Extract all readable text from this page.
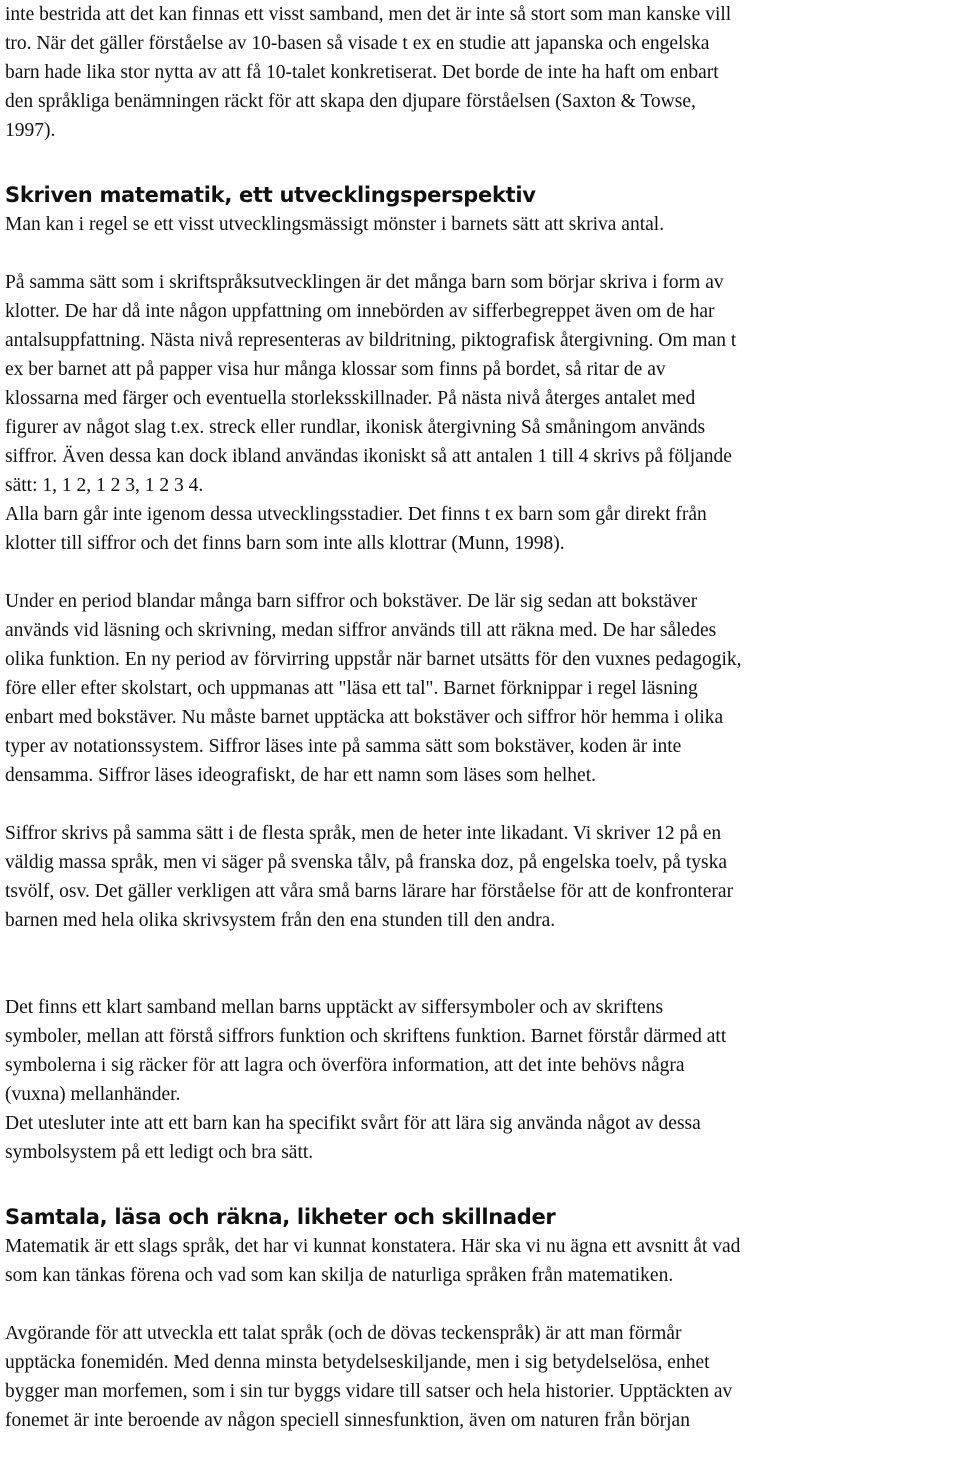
inte bestrida att det kan finnas ett visst samband, men det är inte så stort som man kanske vill
tro. När det gäller förståelse av 10-basen så visade t ex en studie att japanska och engelska
barn hade lika stor nytta av att få 10-talet konkretiserat. Det borde de inte ha haft om enbart
den språkliga benämningen räckt för att skapa den djupare förståelsen (Saxton & Towse,
1997).

Skriven matematik, ett utvecklingsperspektiv

Man kan i regel se ett visst utvecklingsmässigt mönster i barnets sätt att skriva antal.

På samma sätt som i skriftspråksutvecklingen är det många barn som börjar skriva i form av
klotter. De har då inte någon uppfattning om innebörden av sifferbegreppet även om de har
antalsuppfattning. Nästa nivå representeras av bildritning, piktografisk återgivning. Om man t
ex ber barnet att på papper visa hur många klossar som finns på bordet, så ritar de av
klossarna med färger och eventuella storleksskillnader. På nästa nivå återges antalet med
figurer av något slag t.ex. streck eller rundlar, ikonisk återgivning Så småningom används
siffror. Även dessa kan dock ibland användas ikoniskt så att antalen 1 till 4 skrivs på följande
sätt: 1, 1 2, 1 2 3, 1 2 3 4.
Alla barn går inte igenom dessa utvecklingsstadier. Det finns t ex barn som går direkt från
klotter till siffror och det finns barn som inte alls klottrar (Munn, 1998).

Under en period blandar många barn siffror och bokstäver. De lär sig sedan att bokstäver
används vid läsning och skrivning, medan siffror används till att räkna med. De har således
olika funktion. En ny period av förvirring uppstår när barnet utsätts för den vuxnes pedagogik,
före eller efter skolstart, och uppmanas att "läsa ett tal". Barnet förknippar i regel läsning
enbart med bokstäver. Nu måste barnet upptäcka att bokstäver och siffror hör hemma i olika
typer av notationssystem. Siffror läses inte på samma sätt som bokstäver, koden är inte
densamma. Siffror läses ideografiskt, de har ett namn som läses som helhet.

Siffror skrivs på samma sätt i de flesta språk, men de heter inte likadant. Vi skriver 12 på en
väldig massa språk, men vi säger på svenska tålv, på franska doz, på engelska toelv, på tyska
tsvölf, osv. Det gäller verkligen att våra små barns lärare har förståelse för att de konfronterar
barnen med hela olika skrivsystem från den ena stunden till den andra.

Det finns ett klart samband mellan barns upptäckt av siffersymboler och av skriftens
symboler, mellan att förstå siffrors funktion och skriftens funktion. Barnet förstår därmed att
symbolerna i sig räcker för att lagra och överföra information, att det inte behövs några
(vuxna) mellanhänder.
Det utesluter inte att ett barn kan ha specifikt svårt för att lära sig använda något av dessa
symbolsystem på ett ledigt och bra sätt.

Samtala, läsa och räkna, likheter och skillnader

Matematik är ett slags språk, det har vi kunnat konstatera. Här ska vi nu ägna ett avsnitt åt vad
som kan tänkas förena och vad som kan skilja de naturliga språken från matematiken.

Avgörande för att utveckla ett talat språk (och de dövas teckenspråk) är att man förmår
upptäcka fonemidén. Med denna minsta betydelseskiljande, men i sig betydelselösa, enhet
bygger man morfemen, som i sin tur byggs vidare till satser och hela historier. Upptäckten av
fonemet är inte beroende av någon speciell sinnesfunktion, även om naturen från början
